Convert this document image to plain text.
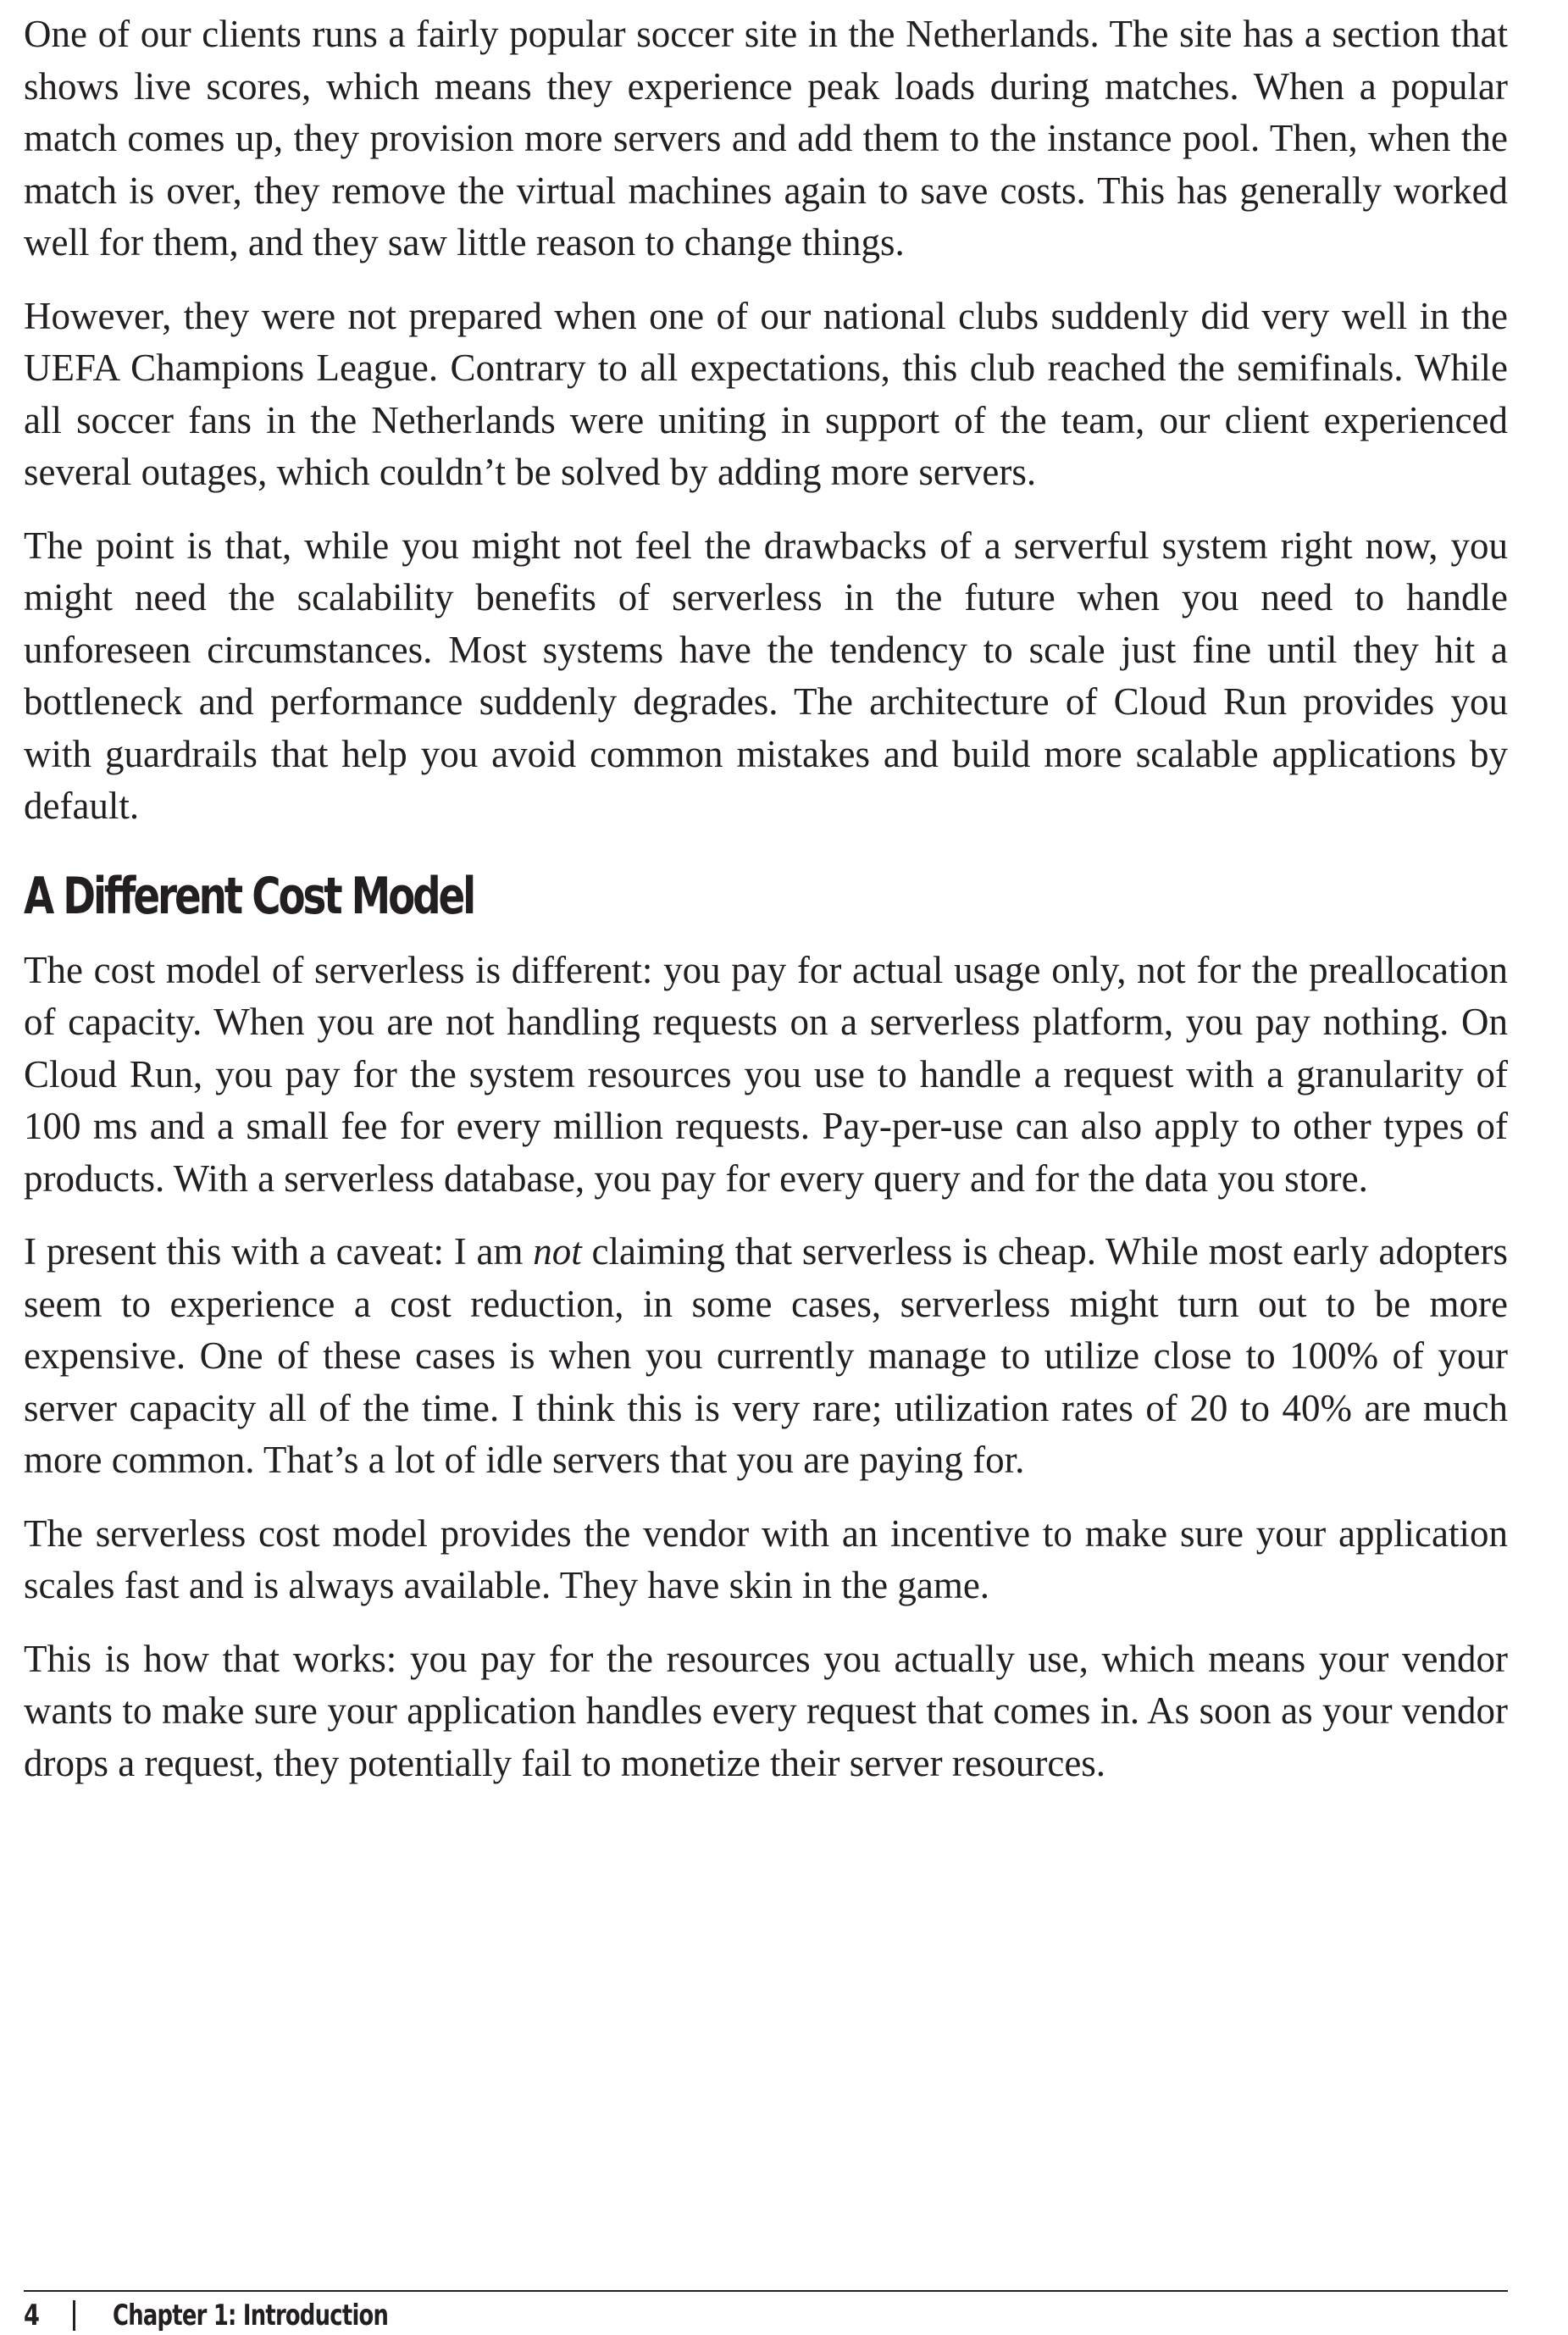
One of our clients runs a fairly popular soccer site in the Netherlands. The site has a section that shows live scores, which means they experience peak loads during matches. When a popular match comes up, they provision more servers and add them to the instance pool. Then, when the match is over, they remove the virtual machines again to save costs. This has generally worked well for them, and they saw little reason to change things.

However, they were not prepared when one of our national clubs suddenly did very well in the UEFA Champions League. Contrary to all expectations, this club reached the semifinals. While all soccer fans in the Netherlands were uniting in support of the team, our client experienced several outages, which couldn’t be solved by adding more servers.

The point is that, while you might not feel the drawbacks of a serverful system right now, you might need the scalability benefits of serverless in the future when you need to handle unforeseen circumstances. Most systems have the tendency to scale just fine until they hit a bottleneck and performance suddenly degrades. The architecture of Cloud Run provides you with guardrails that help you avoid common mistakes and build more scalable applications by default.

A Different Cost Model

The cost model of serverless is different: you pay for actual usage only, not for the preallocation of capacity. When you are not handling requests on a serverless platform, you pay nothing. On Cloud Run, you pay for the system resources you use to handle a request with a granularity of 100 ms and a small fee for every million requests. Pay-per-use can also apply to other types of products. With a serverless database, you pay for every query and for the data you store.

I present this with a caveat: I am not claiming that serverless is cheap. While most early adopters seem to experience a cost reduction, in some cases, serverless might turn out to be more expensive. One of these cases is when you currently manage to utilize close to 100% of your server capacity all of the time. I think this is very rare; utilization rates of 20 to 40% are much more common. That’s a lot of idle servers that you are paying for.

The serverless cost model provides the vendor with an incentive to make sure your application scales fast and is always available. They have skin in the game.

This is how that works: you pay for the resources you actually use, which means your vendor wants to make sure your application handles every request that comes in. As soon as your vendor drops a request, they potentially fail to monetize their server resources.

4	Chapter 1: Introduction
